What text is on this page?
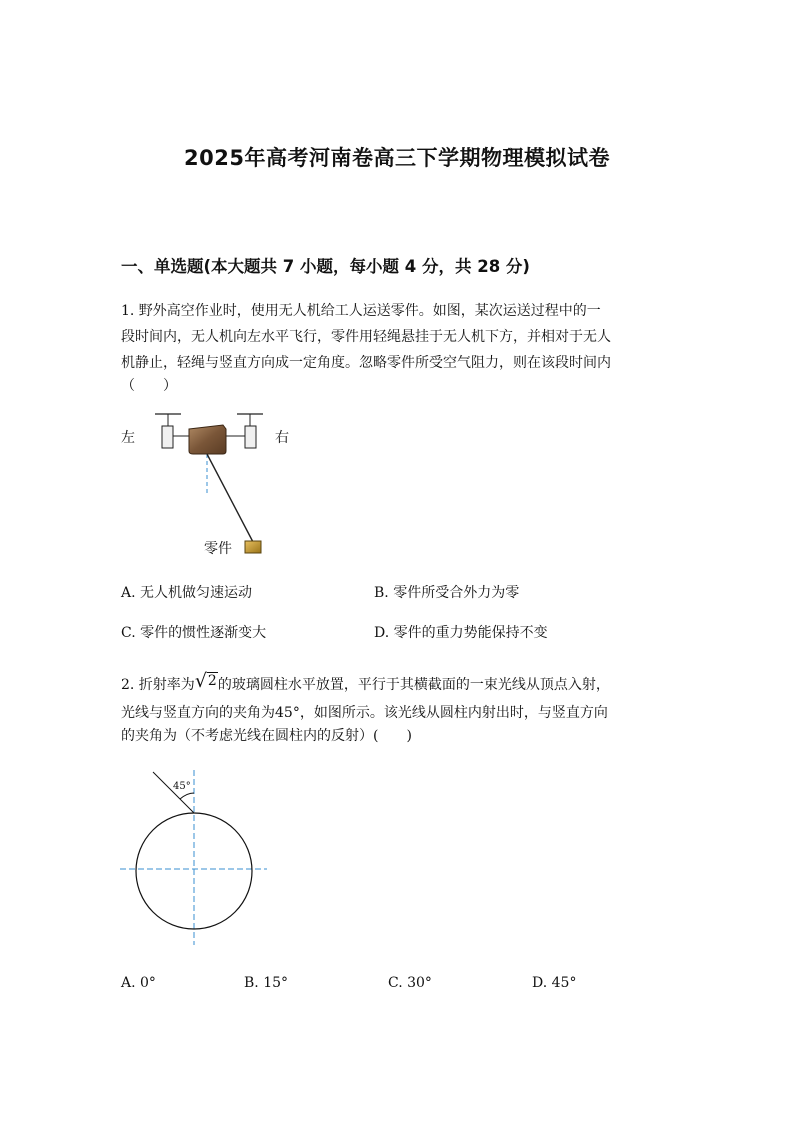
2025年高考河南卷高三下学期物理模拟试卷
一、单选题(本大题共 7 小题，每小题 4 分，共 28 分)
1. 野外高空作业时，使用无人机给工人运送零件。如图，某次运送过程中的一
段时间内，无人机向左水平飞行，零件用轻绳悬挂于无人机下方，并相对于无人
机静止，轻绳与竖直方向成一定角度。忽略零件所受空气阻力，则在该段时间内
（　　）
左	右
零件
A. 无人机做匀速运动	B. 零件所受合外力为零
C. 零件的惯性逐渐变大	D. 零件的重力势能保持不变
2. 折射率为√2的玻璃圆柱水平放置，平行于其横截面的一束光线从顶点入射，
光线与竖直方向的夹角为45°，如图所示。该光线从圆柱内射出时，与竖直方向
的夹角为（不考虑光线在圆柱内的反射）(　　)
45°
A. 0°	B. 15°	C. 30°	D. 45°
